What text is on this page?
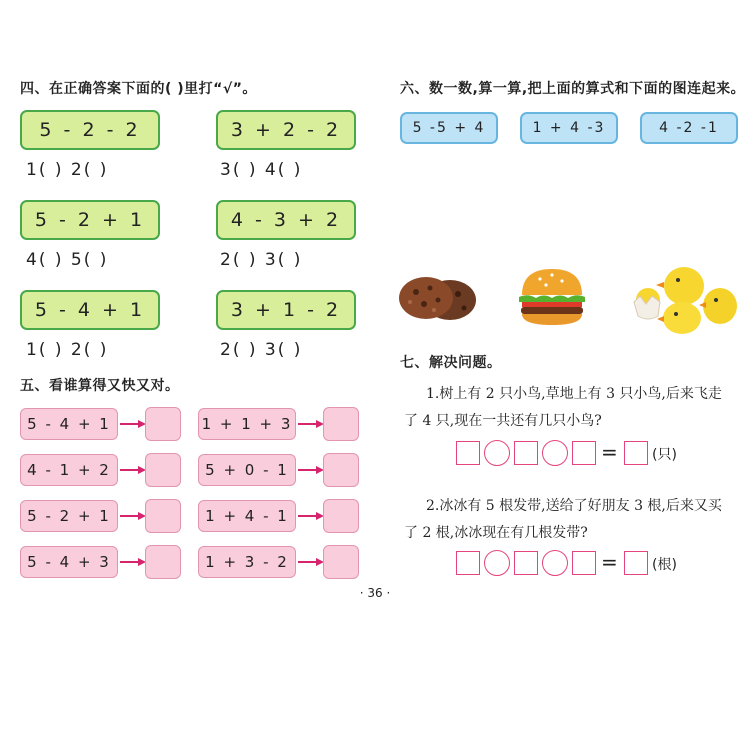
四、在正确答案下面的( )里打“√”。
5 - 2 - 2
1( ) 2( )
3 + 2 - 2
3( ) 4( )
5 - 2 + 1
4( ) 5( )
4 - 3 + 2
2( ) 3( )
5 - 4 + 1
1( ) 2( )
3 + 1 - 2
2( ) 3( )
五、看谁算得又快又对。
5 - 4 + 1	1 + 1 + 3
4 - 1 + 2	5 + 0 - 1
5 - 2 + 1	1 + 4 - 1
5 - 4 + 3	1 + 3 - 2
六、数一数,算一算,把上面的算式和下面的图连起来。
5 -5 + 4	1 + 4 -3	4 -2 -1
七、解决问题。
1.树上有 2 只小鸟,草地上有 3 只小鸟,后来飞走了 4 只,现在一共还有几只小鸟?
= (只)
2.冰冰有 5 根发带,送给了好朋友 3 根,后来又买了 2 根,冰冰现在有几根发带?
= (根)
· 36 ·
